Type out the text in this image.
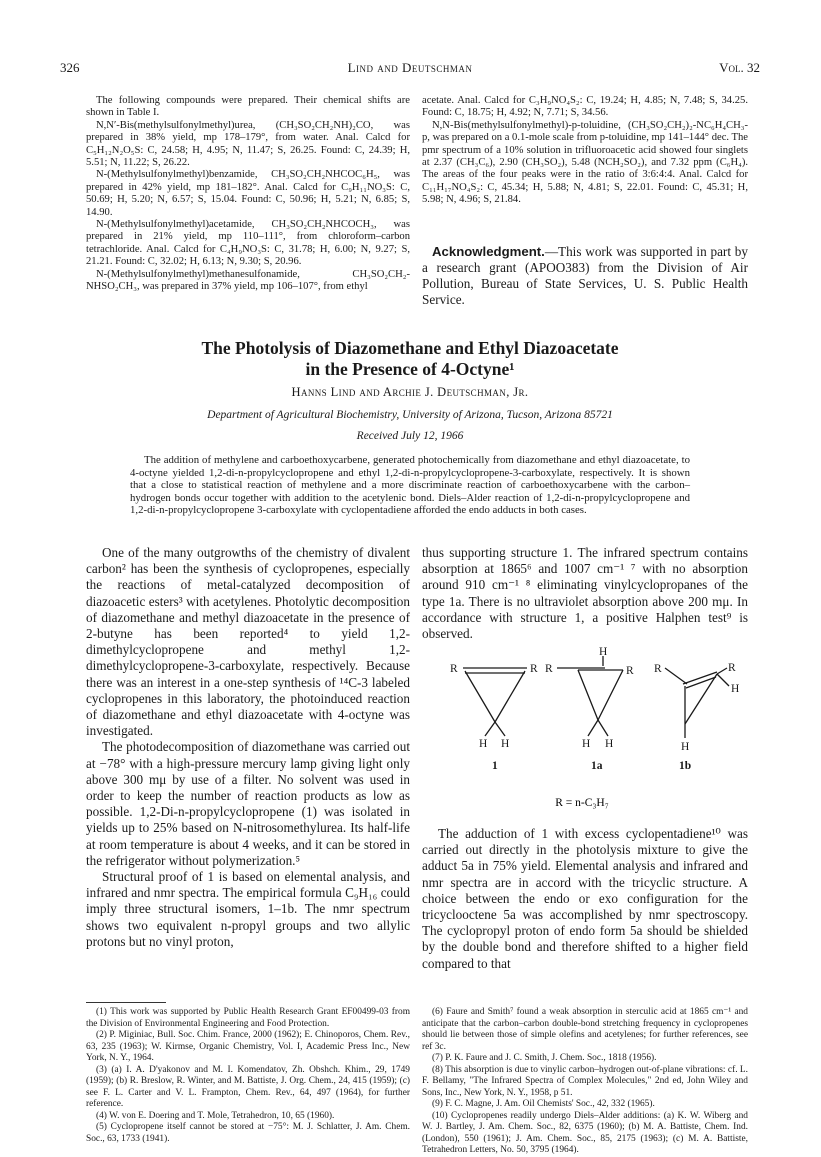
326	Lind and Deutschman	Vol. 32

The following compounds were prepared. Their chemical shifts are shown in Table I.

N,N′-Bis(methylsulfonylmethyl)urea, (CH₃SO₂CH₂NH)₂CO, was prepared in 38% yield, mp 178–179°, from water. Anal. Calcd for C₅H₁₂N₂O₅S: C, 24.58; H, 4.95; N, 11.47; S, 26.25. Found: C, 24.39; H, 5.51; N, 11.22; S, 26.22.

N-(Methylsulfonylmethyl)benzamide, CH₃SO₂CH₂NHCOC₆H₅, was prepared in 42% yield, mp 181–182°. Anal. Calcd for C₉H₁₁NO₃S: C, 50.69; H, 5.20; N, 6.57; S, 15.04. Found: C, 50.96; H, 5.21; N, 6.85; S, 14.90.

N-(Methylsulfonylmethyl)acetamide, CH₃SO₂CH₂NHCOCH₃, was prepared in 21% yield, mp 110–111°, from chloroform–carbon tetrachloride. Anal. Calcd for C₄H₉NO₃S: C, 31.78; H, 6.00; N, 9.27; S, 21.21. Found: C, 32.02; H, 6.13; N, 9.30; S, 20.96.

N-(Methylsulfonylmethyl)methanesulfonamide, CH₃SO₂CH₂-NHSO₂CH₃, was prepared in 37% yield, mp 106–107°, from ethyl

acetate. Anal. Calcd for C₃H₉NO₄S₂: C, 19.24; H, 4.85; N, 7.48; S, 34.25. Found: C, 18.75; H, 4.92; N, 7.71; S, 34.56.

N,N-Bis(methylsulfonylmethyl)-p-toluidine, (CH₃SO₂CH₂)₂-NC₆H₄CH₃-p, was prepared on a 0.1-mole scale from p-toluidine, mp 141–144° dec. The pmr spectrum of a 10% solution in trifluoroacetic acid showed four singlets at 2.37 (CH₃C₆), 2.90 (CH₃SO₂), 5.48 (NCH₂SO₂), and 7.32 ppm (C₆H₄). The areas of the four peaks were in the ratio of 3:6:4:4. Anal. Calcd for C₁₁H₁₇NO₄S₂: C, 45.34; H, 5.88; N, 4.81; S, 22.01. Found: C, 45.31; H, 5.98; N, 4.96; S, 21.84.

Acknowledgment.—This work was supported in part by a research grant (APOO383) from the Division of Air Pollution, Bureau of State Services, U. S. Public Health Service.

The Photolysis of Diazomethane and Ethyl Diazoacetate
in the Presence of 4-Octyne¹

Hanns Lind and Archie J. Deutschman, Jr.

Department of Agricultural Biochemistry, University of Arizona, Tucson, Arizona 85721

Received July 12, 1966

The addition of methylene and carboethoxycarbene, generated photochemically from diazomethane and ethyl diazoacetate, to 4-octyne yielded 1,2-di-n-propylcyclopropene and ethyl 1,2-di-n-propylcyclopropene-3-carboxylate, respectively. It is shown that a close to statistical reaction of methylene and a more discriminate reaction of carboethoxycarbene with the carbon–hydrogen bonds occur together with addition to the acetylenic bond. Diels–Alder reaction of 1,2-di-n-propylcyclopropene and 1,2-di-n-propylcyclopropene 3-carboxylate with cyclopentadiene afforded the endo adducts in both cases.

One of the many outgrowths of the chemistry of divalent carbon² has been the synthesis of cyclopropenes, especially the reactions of metal-catalyzed decomposition of diazoacetic esters³ with acetylenes. Photolytic decomposition of diazomethane and methyl diazoacetate in the presence of 2-butyne has been reported⁴ to yield 1,2-dimethylcyclopropene and methyl 1,2-dimethylcyclopropene-3-carboxylate, respectively. Because there was an interest in a one-step synthesis of ¹⁴C-3 labeled cyclopropenes in this laboratory, the photoinduced reaction of diazomethane and ethyl diazoacetate with 4-octyne was investigated.

The photodecomposition of diazomethane was carried out at −78° with a high-pressure mercury lamp giving light only above 300 mμ by use of a filter. No solvent was used in order to keep the number of reaction products as low as possible. 1,2-Di-n-propylcyclopropene (1) was isolated in yields up to 25% based on N-nitrosomethylurea. Its half-life at room temperature is about 4 weeks, and it can be stored in the refrigerator without polymerization.⁵

Structural proof of 1 is based on elemental analysis, and infrared and nmr spectra. The empirical formula C₉H₁₆ could imply three structural isomers, 1–1b. The nmr spectrum shows two equivalent n-propyl groups and two allylic protons but no vinyl proton,

thus supporting structure 1. The infrared spectrum contains absorption at 1865⁶ and 1007 cm⁻¹ ⁷ with no absorption around 910 cm⁻¹ ⁸ eliminating vinylcyclopropanes of the type 1a. There is no ultraviolet absorption above 200 mμ. In accordance with structure 1, a positive Halphen test⁹ is observed.

R	R
H H
R
H
R
H H
R	R
H
H
1	1a	1b
R = n-C₃H₇

The adduction of 1 with excess cyclopentadiene¹⁰ was carried out directly in the photolysis mixture to give the adduct 5a in 75% yield. Elemental analysis and infrared and nmr spectra are in accord with the tricyclic structure. A choice between the endo or exo configuration for the tricyclooctene 5a was accomplished by nmr spectroscopy. The cyclopropyl proton of endo form 5a should be shielded by the double bond and therefore shifted to a higher field compared to that

(1) This work was supported by Public Health Research Grant EF00499-03 from the Division of Environmental Engineering and Food Protection.

(2) P. Miginiac, Bull. Soc. Chim. France, 2000 (1962); E. Chinoporos, Chem. Rev., 63, 235 (1963); W. Kirmse, Organic Chemistry, Vol. I, Academic Press Inc., New York, N. Y., 1964.

(3) (a) I. A. D'yakonov and M. I. Komendatov, Zh. Obshch. Khim., 29, 1749 (1959); (b) R. Breslow, R. Winter, and M. Battiste, J. Org. Chem., 24, 415 (1959); (c) see F. L. Carter and V. L. Frampton, Chem. Rev., 64, 497 (1964), for further reference.

(4) W. von E. Doering and T. Mole, Tetrahedron, 10, 65 (1960).

(5) Cyclopropene itself cannot be stored at −75°: M. J. Schlatter, J. Am. Chem. Soc., 63, 1733 (1941).

(6) Faure and Smith⁷ found a weak absorption in sterculic acid at 1865 cm⁻¹ and anticipate that the carbon–carbon double-bond stretching frequency in cyclopropenes should lie between those of simple olefins and acetylenes; for further references, see ref 3c.

(7) P. K. Faure and J. C. Smith, J. Chem. Soc., 1818 (1956).

(8) This absorption is due to vinylic carbon–hydrogen out-of-plane vibrations: cf. L. F. Bellamy, "The Infrared Spectra of Complex Molecules," 2nd ed, John Wiley and Sons, Inc., New York, N. Y., 1958, p 51.

(9) F. C. Magne, J. Am. Oil Chemists' Soc., 42, 332 (1965).

(10) Cyclopropenes readily undergo Diels–Alder additions: (a) K. W. Wiberg and W. J. Bartley, J. Am. Chem. Soc., 82, 6375 (1960); (b) M. A. Battiste, Chem. Ind. (London), 550 (1961); J. Am. Chem. Soc., 85, 2175 (1963); (c) M. A. Battiste, Tetrahedron Letters, No. 50, 3795 (1964).
